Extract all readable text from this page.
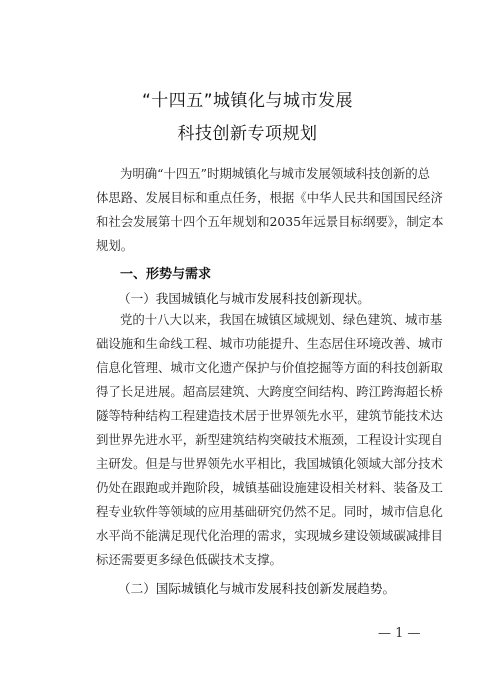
“十四五”城镇化与城市发展
科技创新专项规划
为明确“十四五”时期城镇化与城市发展领域科技创新的总
体思路、发展目标和重点任务，根据《中华人民共和国国民经济
和社会发展第十四个五年规划和2035年远景目标纲要》，制定本
规划。
一、形势与需求
（一）我国城镇化与城市发展科技创新现状。
党的十八大以来，我国在城镇区域规划、绿色建筑、城市基
础设施和生命线工程、城市功能提升、生态居住环境改善、城市
信息化管理、城市文化遗产保护与价值挖掘等方面的科技创新取
得了长足进展。超高层建筑、大跨度空间结构、跨江跨海超长桥
隧等特种结构工程建造技术居于世界领先水平，建筑节能技术达
到世界先进水平，新型建筑结构突破技术瓶颈，工程设计实现自
主研发。但是与世界领先水平相比，我国城镇化领域大部分技术
仍处在跟跑或并跑阶段，城镇基础设施建设相关材料、装备及工
程专业软件等领域的应用基础研究仍然不足。同时，城市信息化
水平尚不能满足现代化治理的需求，实现城乡建设领域碳减排目
标还需要更多绿色低碳技术支撑。
（二）国际城镇化与城市发展科技创新发展趋势。
— 1 —
